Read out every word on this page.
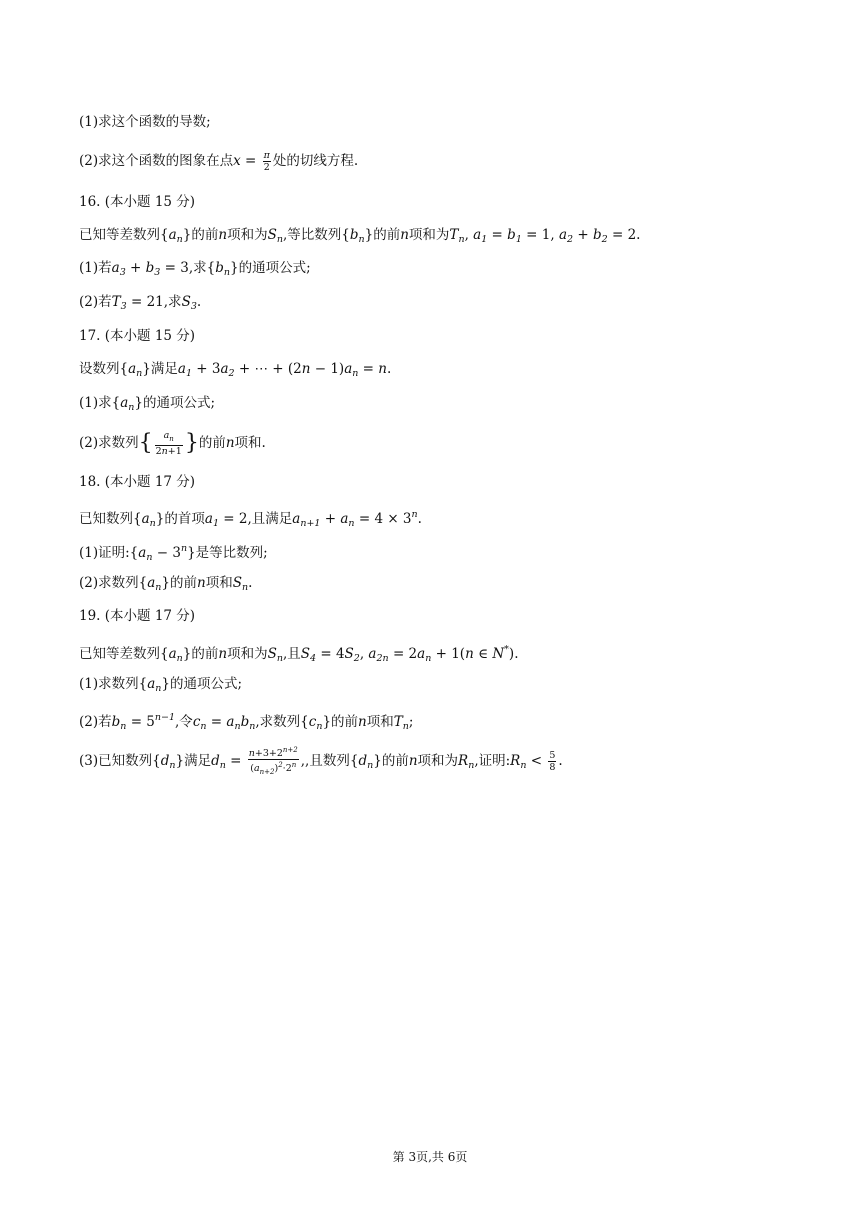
(1)求这个函数的导数;
(2)求这个函数的图象在点$x = \frac{\pi}{2}$ 处的切线方程.
16. (本小题 15 分)
已知等差数列$\{a_n\}$的前n项和为$S_n$,等比数列$\{b_n\}$的前n项和为$T_n$, $a_1 = b_1 = 1$, $a_2 + b_2 = 2$.
(1)若$a_3 + b_3 = 3$,求$\{b_n\}$的通项公式;
(2)若$T_3 = 21$,求$S_3$.
17. (本小题 15 分)
设数列$\{a_n\}$满足$a_1 + 3a_2$ + ⋯ + $(2n - 1)a_n = n$.
(1)求$\{a_n\}$的通项公式;
(2)求数列{ $\frac{a_n}{2n+1}$ }的前n项和.
18. (本小题 17 分)
已知数列$\{a_n\}$的首项$a_1 = 2$,且满足$a_{n+1} + a_n = 4 \times 3^n$.
(1)证明$:\{a_n - 3^n\}$是等比数列;
(2)求数列$\{a_n\}$的前n项和$S_n$.
19. (本小题 17 分)
已知等差数列$\{a_n\}$的前n项和为$S_n$,且$S_4 = 4S_2$, $a_{2n} = 2a_n + 1(n$ ∈ N*).
(1)求数列$\{a_n\}$的通项公式;
(2)若$b_n = 5^{n-1}$,令$c_n = a_nb_n$,求数列$\{c_n\}$的前n项和$T_n$;
(3)已知数列$\{d_n\}$满足$d_n = \frac{n+3+2^{n+2}}{(a_{n+2})^2\cdot 2^n}$ ,,且数列$\{d_n\}$的前n项和为$R_n$,证明$:R_n < \frac{5}{8}$ .
第 3页,共 6页
